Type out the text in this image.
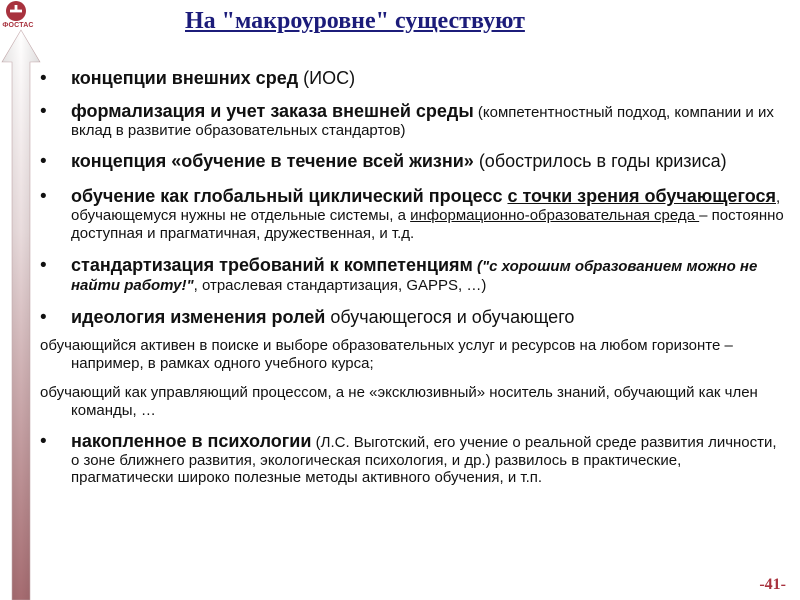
ФОСТАС	На "макроуровне" существуют
•	концепции внешних сред (ИОС)
•	формализация и учет заказа внешней среды (компетентностный подход, компании и их вклад в развитие образовательных стандартов)
•	концепция «обучение в течение всей жизни» (обострилось в годы кризиса)
•	обучение как глобальный циклический процесс с точки зрения обучающегося, обучающемуся нужны не отдельные системы, а информационно-образовательная среда – постоянно доступная и прагматичная, дружественная, и т.д.
•	стандартизация требований к компетенциям ("с хорошим образованием можно не найти работу!", отраслевая стандартизация, GAPPS, …)
•	идеология изменения ролей обучающегося и обучающего
обучающийся активен в поиске и выборе образовательных услуг и ресурсов на любом горизонте – например, в рамках одного учебного курса;
обучающий как управляющий процессом, а не «эксклюзивный» носитель знаний, обучающий как член команды, …
•	накопленное в психологии (Л.С. Выготский, его учение о реальной среде развития личности, о зоне ближнего развития, экологическая психология, и др.) развилось в практические, прагматически широко полезные методы активного обучения, и т.п.
-41-
